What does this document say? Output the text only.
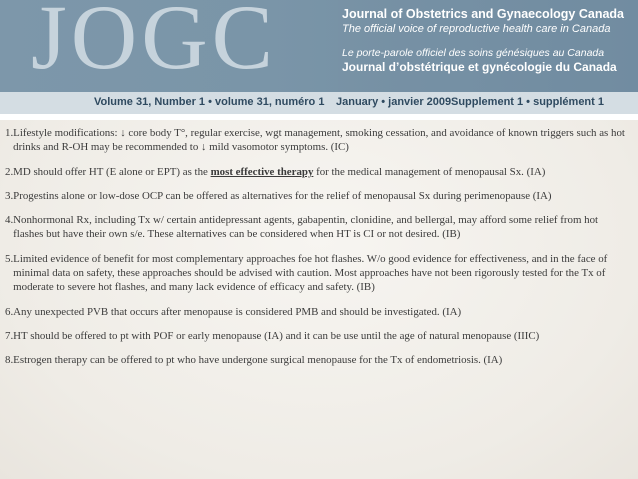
JOGC	Journal of Obstetrics and Gynaecology Canada
The official voice of reproductive health care in Canada
Le porte-parole officiel des soins génésiques au Canada
Journal d’obstétrique et gynécologie du Canada
Volume 31, Number 1 • volume 31, numéro 1 January • janvier 2009 Supplement 1 • supplément 1
1. Lifestyle modifications: ↓ core body T°, regular exercise, wgt management, smoking cessation, and avoidance of known triggers such as hot drinks and R-OH may be recommended to ↓ mild vasomotor symptoms. (IC)
2. MD should offer HT (E alone or EPT) as the most effective therapy for the medical management of menopausal Sx. (IA)
3. Progestins alone or low-dose OCP can be offered as alternatives for the relief of menopausal Sx during perimenopause (IA)
4. Nonhormonal Rx, including Tx w/ certain antidepressant agents, gabapentin, clonidine, and bellergal, may afford some relief from hot flashes but have their own s/e. These alternatives can be considered when HT is CI or not desired. (IB)
5. Limited evidence of benefit for most complementary approaches foe hot flashes. W/o good evidence for effectiveness, and in the face of minimal data on safety, these approaches should be advised with caution. Most approaches have not been rigorously tested for the Tx of moderate to severe hot flashes, and many lack evidence of efficacy and safety. (IB)
6. Any unexpected PVB that occurs after menopause is considered PMB and should be investigated. (IA)
7. HT should be offered to pt with POF or early menopause (IA) and it can be use until the age of natural menopause (IIIC)
8. Estrogen therapy can be offered to pt who have undergone surgical menopause for the Tx of endometriosis. (IA)
